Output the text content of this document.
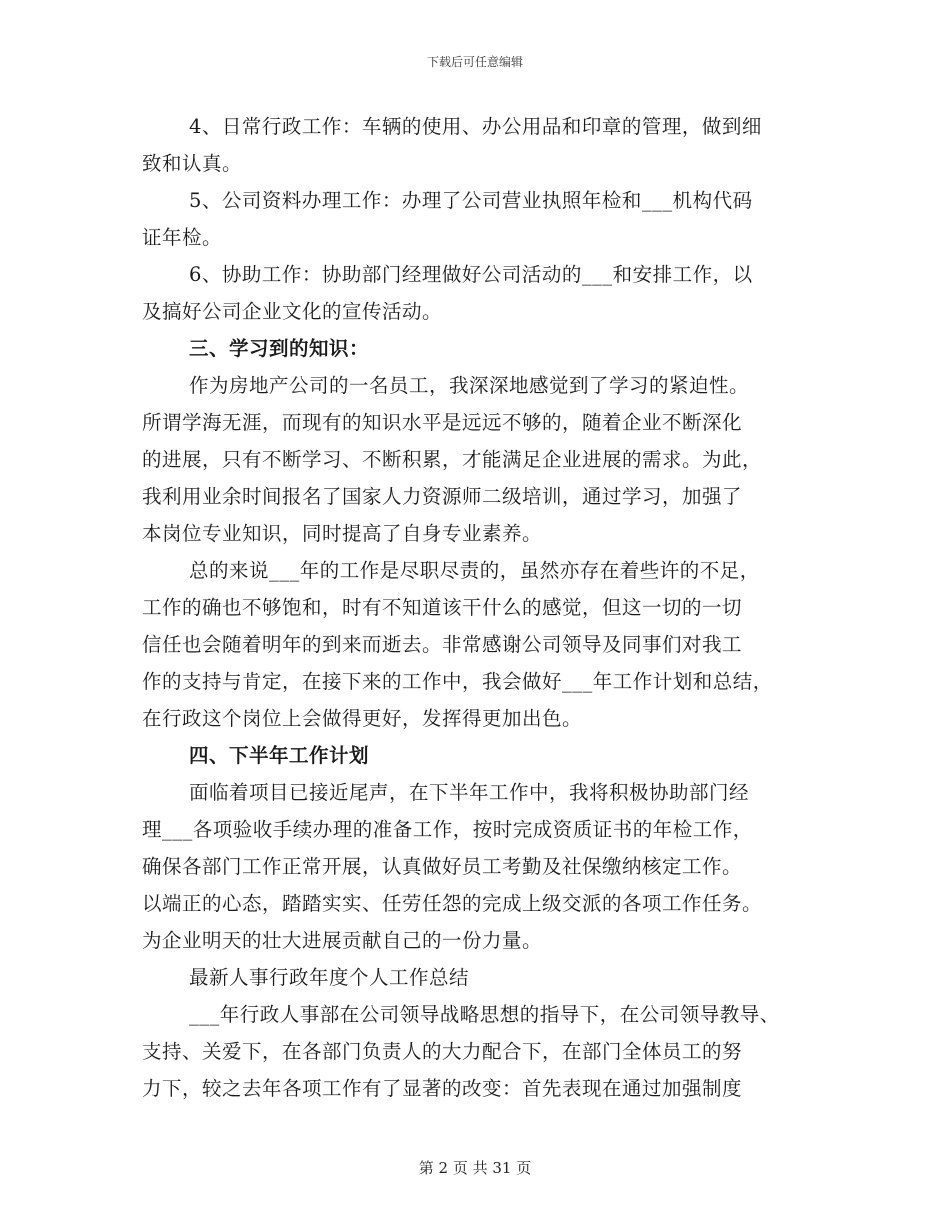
下载后可任意编辑
4、日常行政工作：车辆的使用、办公用品和印章的管理，做到细
致和认真。
5、公司资料办理工作：办理了公司营业执照年检和___机构代码
证年检。
6、协助工作：协助部门经理做好公司活动的___和安排工作，以
及搞好公司企业文化的宣传活动。
三、学习到的知识：
作为房地产公司的一名员工，我深深地感觉到了学习的紧迫性。
所谓学海无涯，而现有的知识水平是远远不够的，随着企业不断深化
的进展，只有不断学习、不断积累，才能满足企业进展的需求。为此，
我利用业余时间报名了国家人力资源师二级培训，通过学习，加强了
本岗位专业知识，同时提高了自身专业素养。
总的来说___年的工作是尽职尽责的，虽然亦存在着些许的不足，
工作的确也不够饱和，时有不知道该干什么的感觉，但这一切的一切
信任也会随着明年的到来而逝去。非常感谢公司领导及同事们对我工
作的支持与肯定，在接下来的工作中，我会做好___年工作计划和总结，
在行政这个岗位上会做得更好，发挥得更加出色。
四、下半年工作计划
面临着项目已接近尾声，在下半年工作中，我将积极协助部门经
理___各项验收手续办理的准备工作，按时完成资质证书的年检工作，
确保各部门工作正常开展，认真做好员工考勤及社保缴纳核定工作。
以端正的心态，踏踏实实、任劳任怨的完成上级交派的各项工作任务。
为企业明天的壮大进展贡献自己的一份力量。
最新人事行政年度个人工作总结
___年行政人事部在公司领导战略思想的指导下，在公司领导教导、
支持、关爱下，在各部门负责人的大力配合下，在部门全体员工的努
力下，较之去年各项工作有了显著的改变：首先表现在通过加强制度
第 2 页 共 31 页
